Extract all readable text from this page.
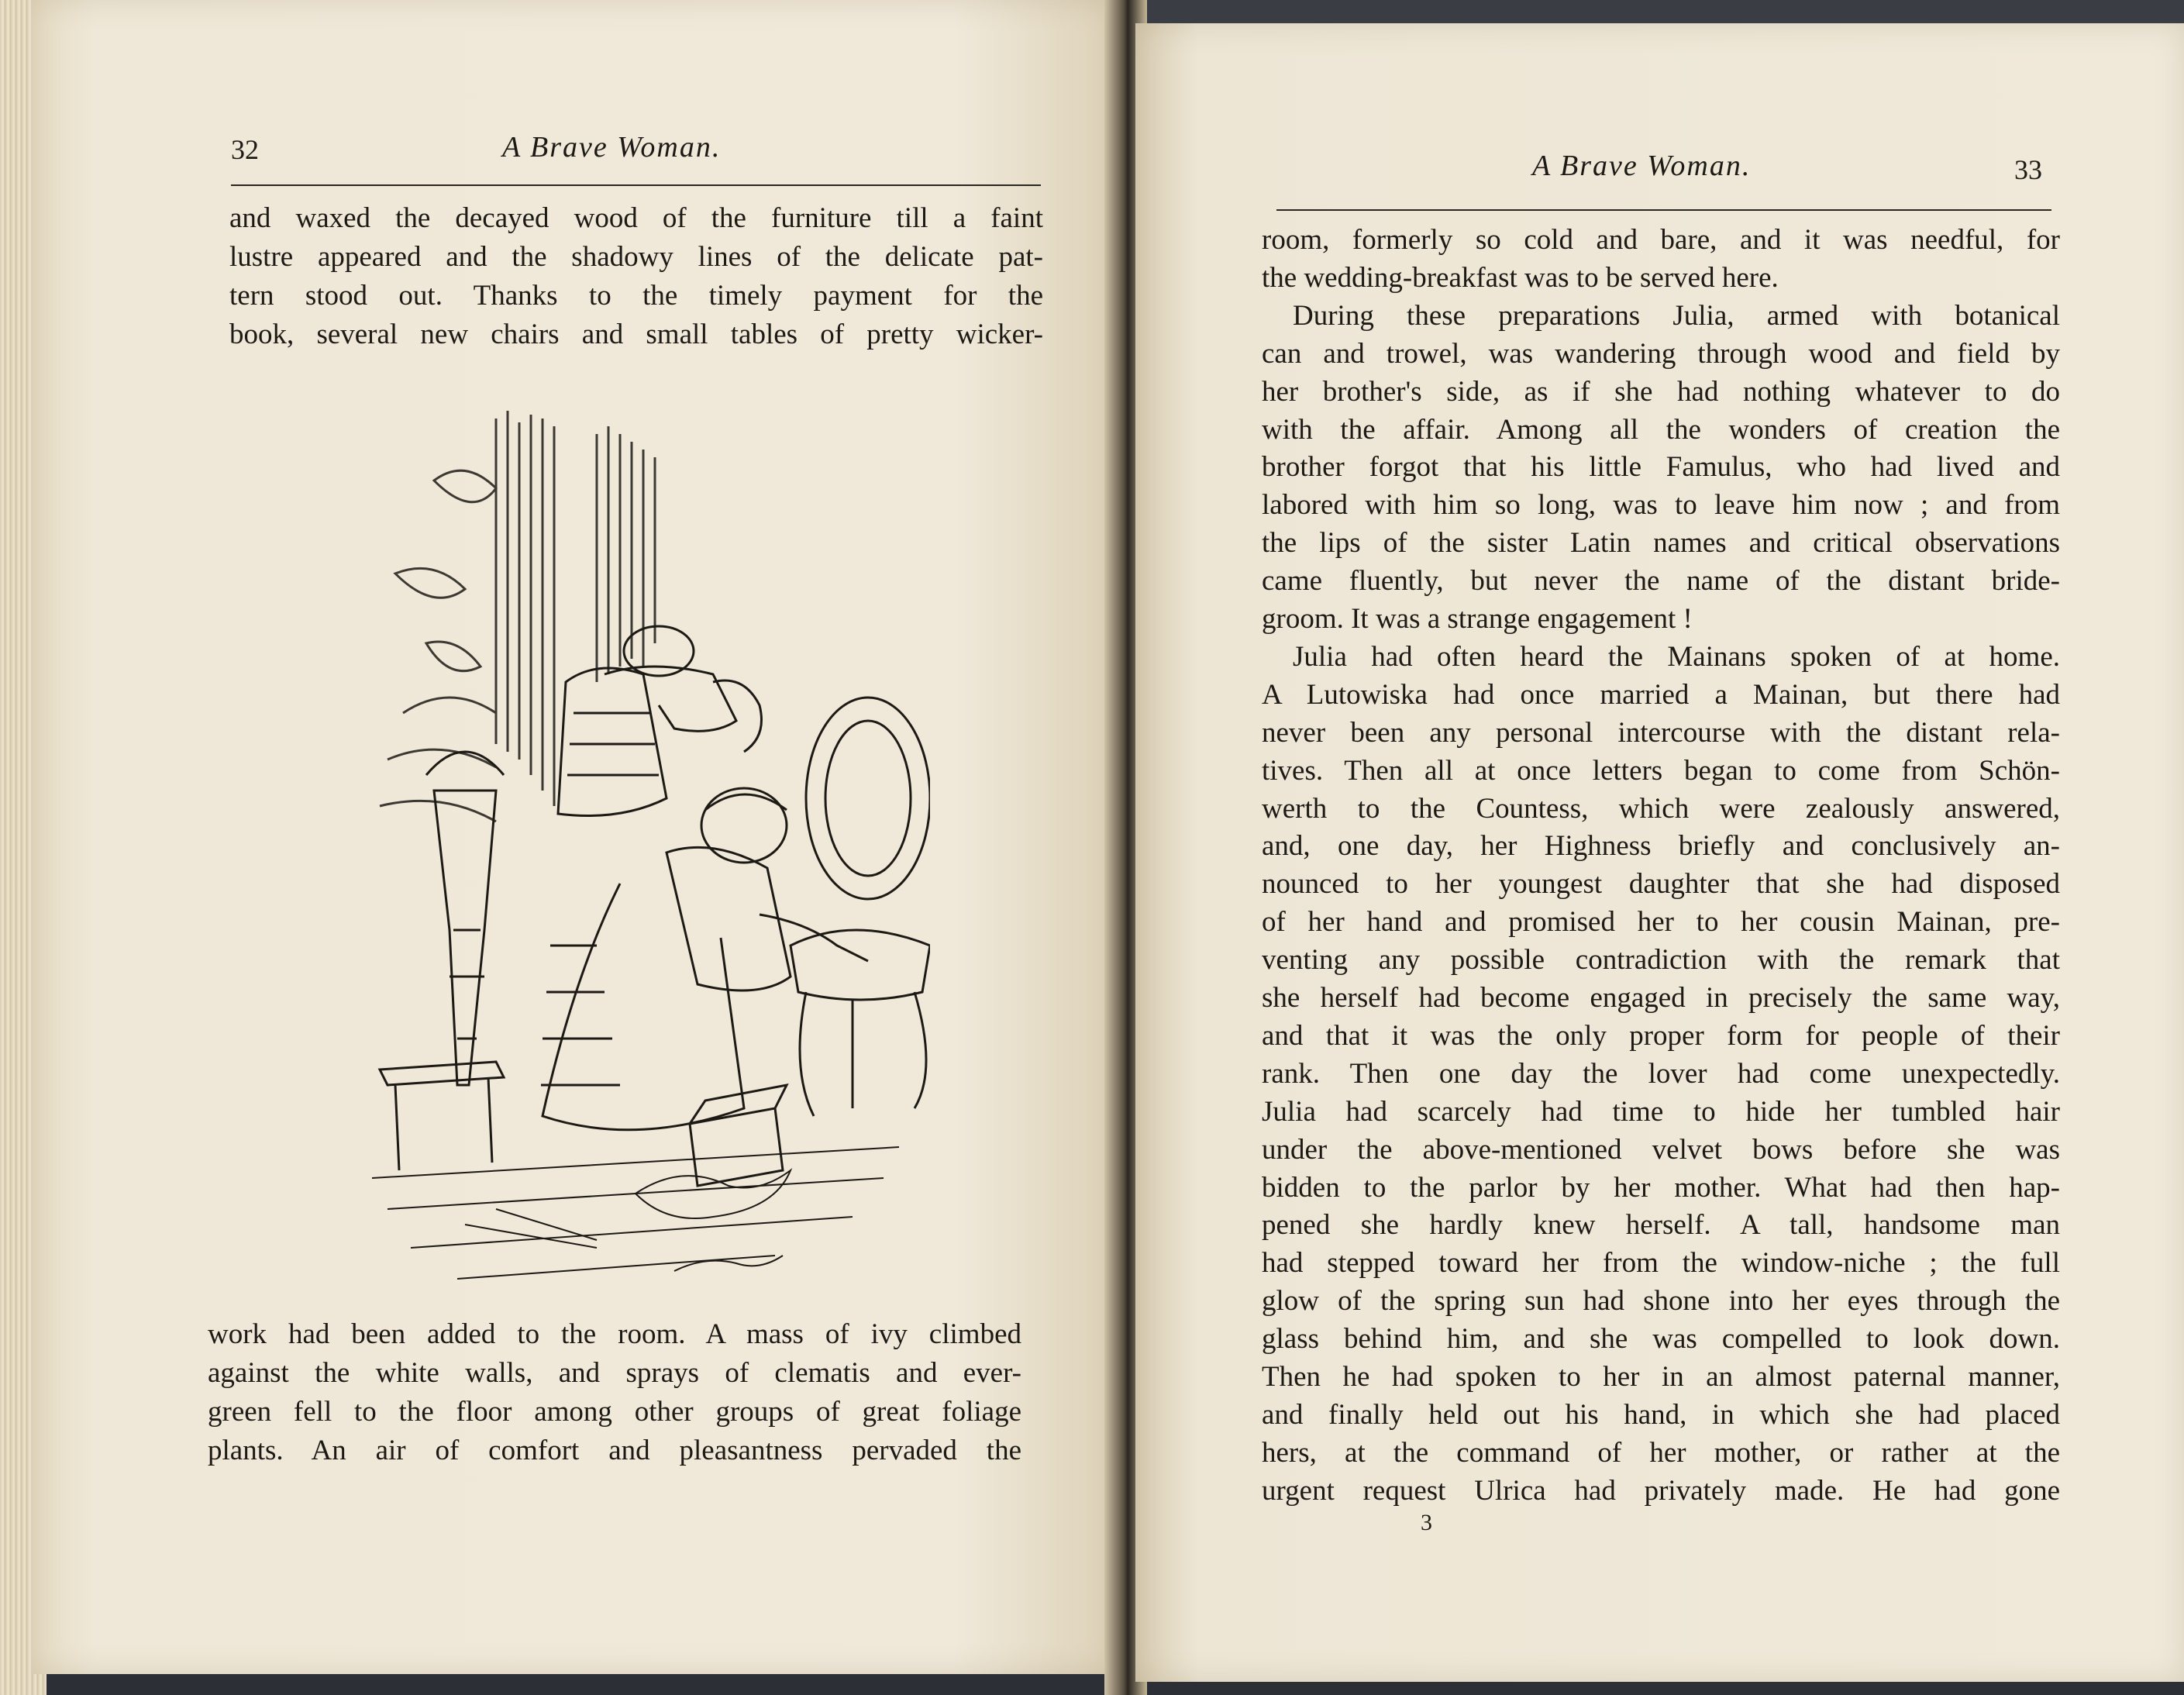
32	A Brave Woman.
and waxed the decayed wood of the furniture till a faint
lustre appeared and the shadowy lines of the delicate pat-
tern stood out. Thanks to the timely payment for the
book, several new chairs and small tables of pretty wicker-
work had been added to the room. A mass of ivy climbed
against the white walls, and sprays of clematis and ever-
green fell to the floor among other groups of great foliage
plants. An air of comfort and pleasantness pervaded the
A Brave Woman.	33
room, formerly so cold and bare, and it was needful, for
the wedding-breakfast was to be served here.
During these preparations Julia, armed with botanical
can and trowel, was wandering through wood and field by
her brother's side, as if she had nothing whatever to do
with the affair. Among all the wonders of creation the
brother forgot that his little Famulus, who had lived and
labored with him so long, was to leave him now ; and from
the lips of the sister Latin names and critical observations
came fluently, but never the name of the distant bride-
groom. It was a strange engagement !
Julia had often heard the Mainans spoken of at home.
A Lutowiska had once married a Mainan, but there had
never been any personal intercourse with the distant rela-
tives. Then all at once letters began to come from Schön-
werth to the Countess, which were zealously answered,
and, one day, her Highness briefly and conclusively an-
nounced to her youngest daughter that she had disposed
of her hand and promised her to her cousin Mainan, pre-
venting any possible contradiction with the remark that
she herself had become engaged in precisely the same way,
and that it was the only proper form for people of their
rank. Then one day the lover had come unexpectedly.
Julia had scarcely had time to hide her tumbled hair
under the above-mentioned velvet bows before she was
bidden to the parlor by her mother. What had then hap-
pened she hardly knew herself. A tall, handsome man
had stepped toward her from the window-niche ; the full
glow of the spring sun had shone into her eyes through the
glass behind him, and she was compelled to look down.
Then he had spoken to her in an almost paternal manner,
and finally held out his hand, in which she had placed
hers, at the command of her mother, or rather at the
urgent request Ulrica had privately made. He had gone
3
